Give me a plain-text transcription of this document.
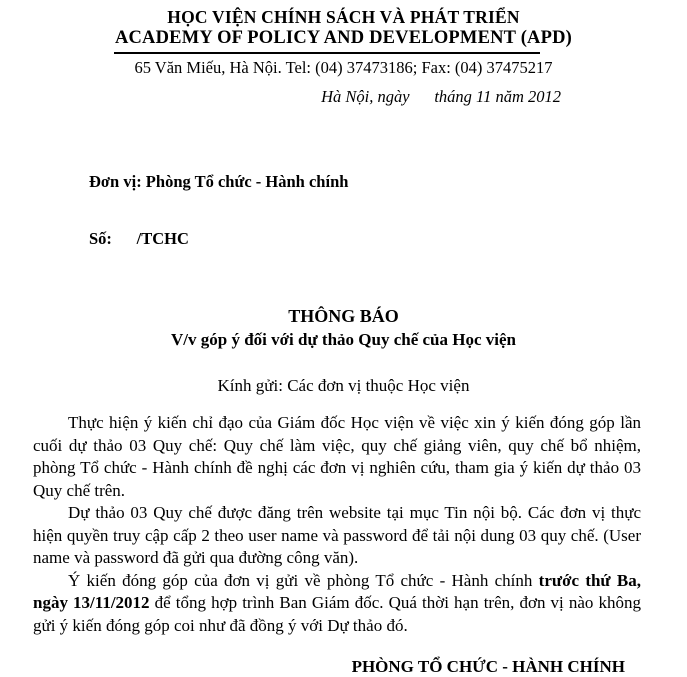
HỌC VIỆN CHÍNH SÁCH VÀ PHÁT TRIỂN
ACADEMY OF POLICY AND DEVELOPMENT (APD)
65 Văn Miếu, Hà Nội. Tel: (04) 37473186; Fax: (04) 37475217
Hà Nội, ngày      tháng 11 năm 2012

Đơn vị: Phòng Tổ chức - Hành chính

Số:      /TCHC

THÔNG BÁO
V/v góp ý đối với dự thảo Quy chế của Học viện
Kính gửi: Các đơn vị thuộc Học viện

Thực hiện ý kiến chỉ đạo của Giám đốc Học viện về việc xin ý kiến đóng góp lần cuối dự thảo 03 Quy chế: Quy chế làm việc, quy chế giảng viên, quy chế bổ nhiệm, phòng Tổ chức - Hành chính đề nghị các đơn vị nghiên cứu, tham gia ý kiến dự thảo 03 Quy chế trên.

Dự thảo 03 Quy chế được đăng trên website tại mục Tin nội bộ. Các đơn vị thực hiện quyền truy cập cấp 2 theo user name và password để tải nội dung 03 quy chế. (User name và password đã gửi qua đường công văn).

Ý kiến đóng góp của đơn vị gửi về phòng Tổ chức - Hành chính trước thứ Ba, ngày 13/11/2012 để tổng hợp trình Ban Giám đốc. Quá thời hạn trên, đơn vị nào không gửi ý kiến đóng góp coi như đã đồng ý với Dự thảo đó.

PHÒNG TỔ CHỨC - HÀNH CHÍNH
